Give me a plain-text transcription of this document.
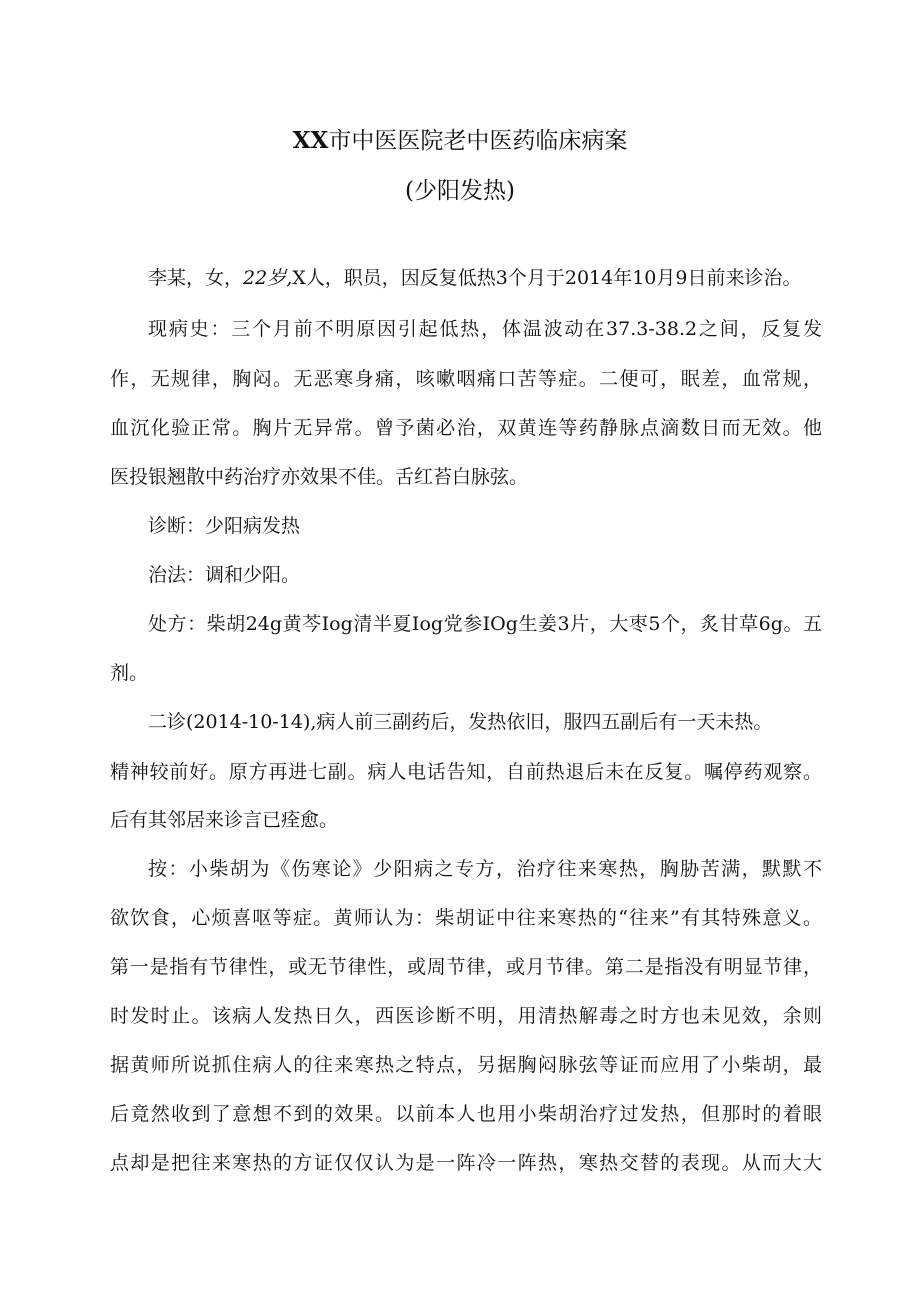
XX市中医医院老中医药临床病案
(少阳发热)

李某，女，22岁,X人，职员，因反复低热3个月于2014年10月9日前来诊治。

现病史：三个月前不明原因引起低热，体温波动在37.3-38.2之间，反复发

作，无规律，胸闷。无恶寒身痛，咳嗽咽痛口苦等症。二便可，眠差，血常规，

血沉化验正常。胸片无异常。曾予菌必治，双黄连等药静脉点滴数日而无效。他

医投银翘散中药治疗亦效果不佳。舌红苔白脉弦。

诊断：少阳病发热

治法：调和少阳。

处方：柴胡24g黄芩Iog清半夏Iog党参IOg生姜3片，大枣5个，炙甘草6g。五

剂。

二诊(2014-10-14),病人前三副药后，发热依旧，服四五副后有一天未热。

精神较前好。原方再进七副。病人电话告知，自前热退后未在反复。嘱停药观察。

后有其邻居来诊言已痊愈。

按：小柴胡为《伤寒论》少阳病之专方，治疗往来寒热，胸胁苦满，默默不

欲饮食，心烦喜呕等症。黄师认为：柴胡证中往来寒热的“往来”有其特殊意义。

第一是指有节律性，或无节律性，或周节律，或月节律。第二是指没有明显节律，

时发时止。该病人发热日久，西医诊断不明，用清热解毒之时方也未见效，余则

据黄师所说抓住病人的往来寒热之特点，另据胸闷脉弦等证而应用了小柴胡，最

后竟然收到了意想不到的效果。以前本人也用小柴胡治疗过发热，但那时的着眼

点却是把往来寒热的方证仅仅认为是一阵冷一阵热，寒热交替的表现。从而大大
